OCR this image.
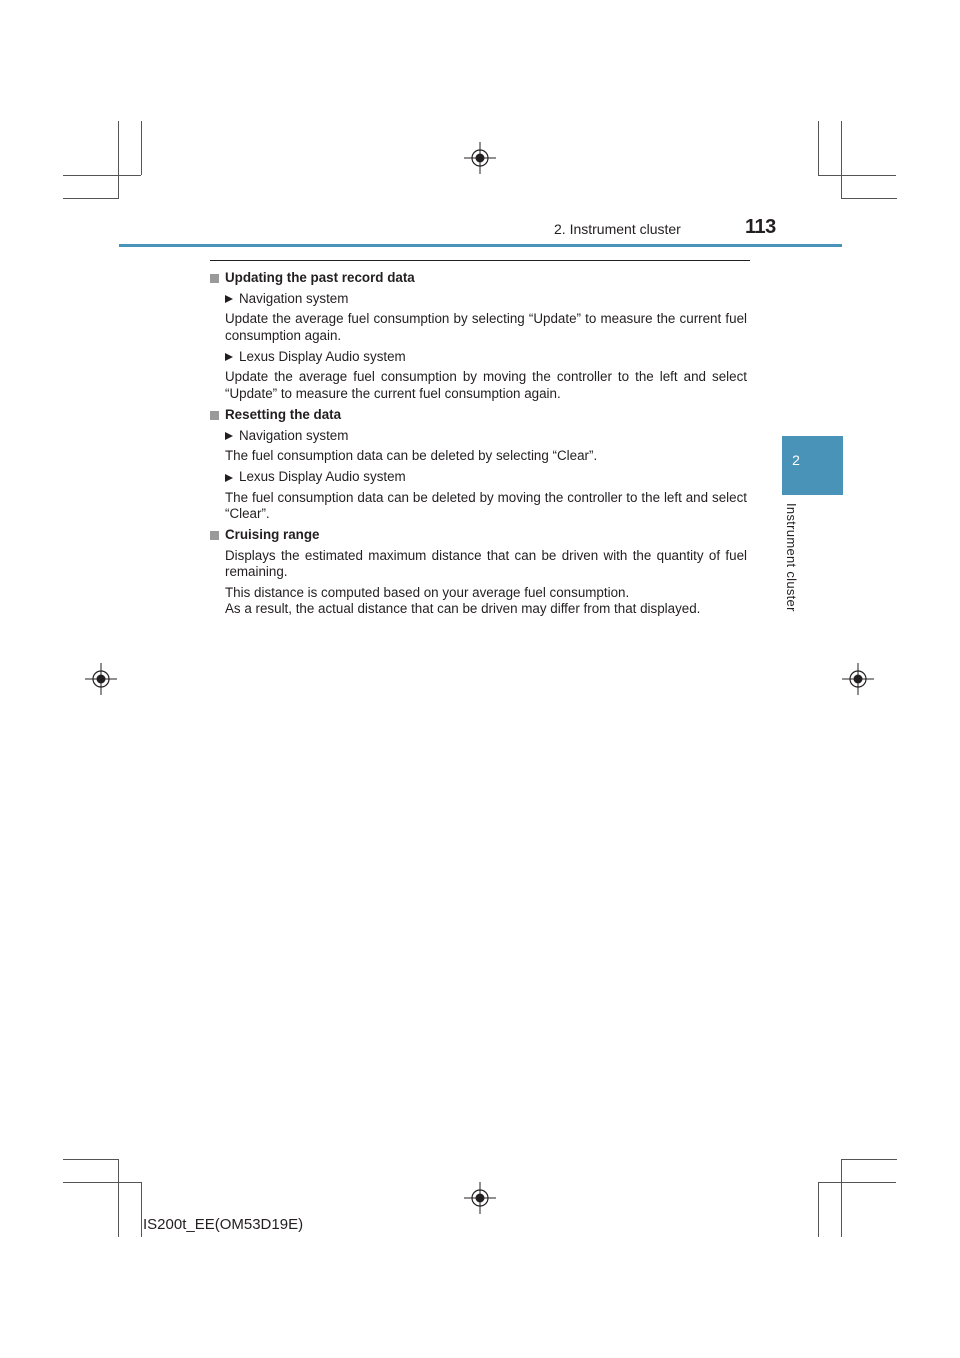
2. Instrument cluster	113
2
Instrument cluster
Updating the past record data
Navigation system
Update the average fuel consumption by selecting “Update” to measure the current fuel consumption again.
Lexus Display Audio system
Update the average fuel consumption by moving the controller to the left and select “Update” to measure the current fuel consumption again.
Resetting the data
Navigation system
The fuel consumption data can be deleted by selecting “Clear”.
Lexus Display Audio system
The fuel consumption data can be deleted by moving the controller to the left and select “Clear”.
Cruising range
Displays the estimated maximum distance that can be driven with the quantity of fuel remaining.
This distance is computed based on your average fuel consumption.
As a result, the actual distance that can be driven may differ from that displayed.
IS200t_EE(OM53D19E)
